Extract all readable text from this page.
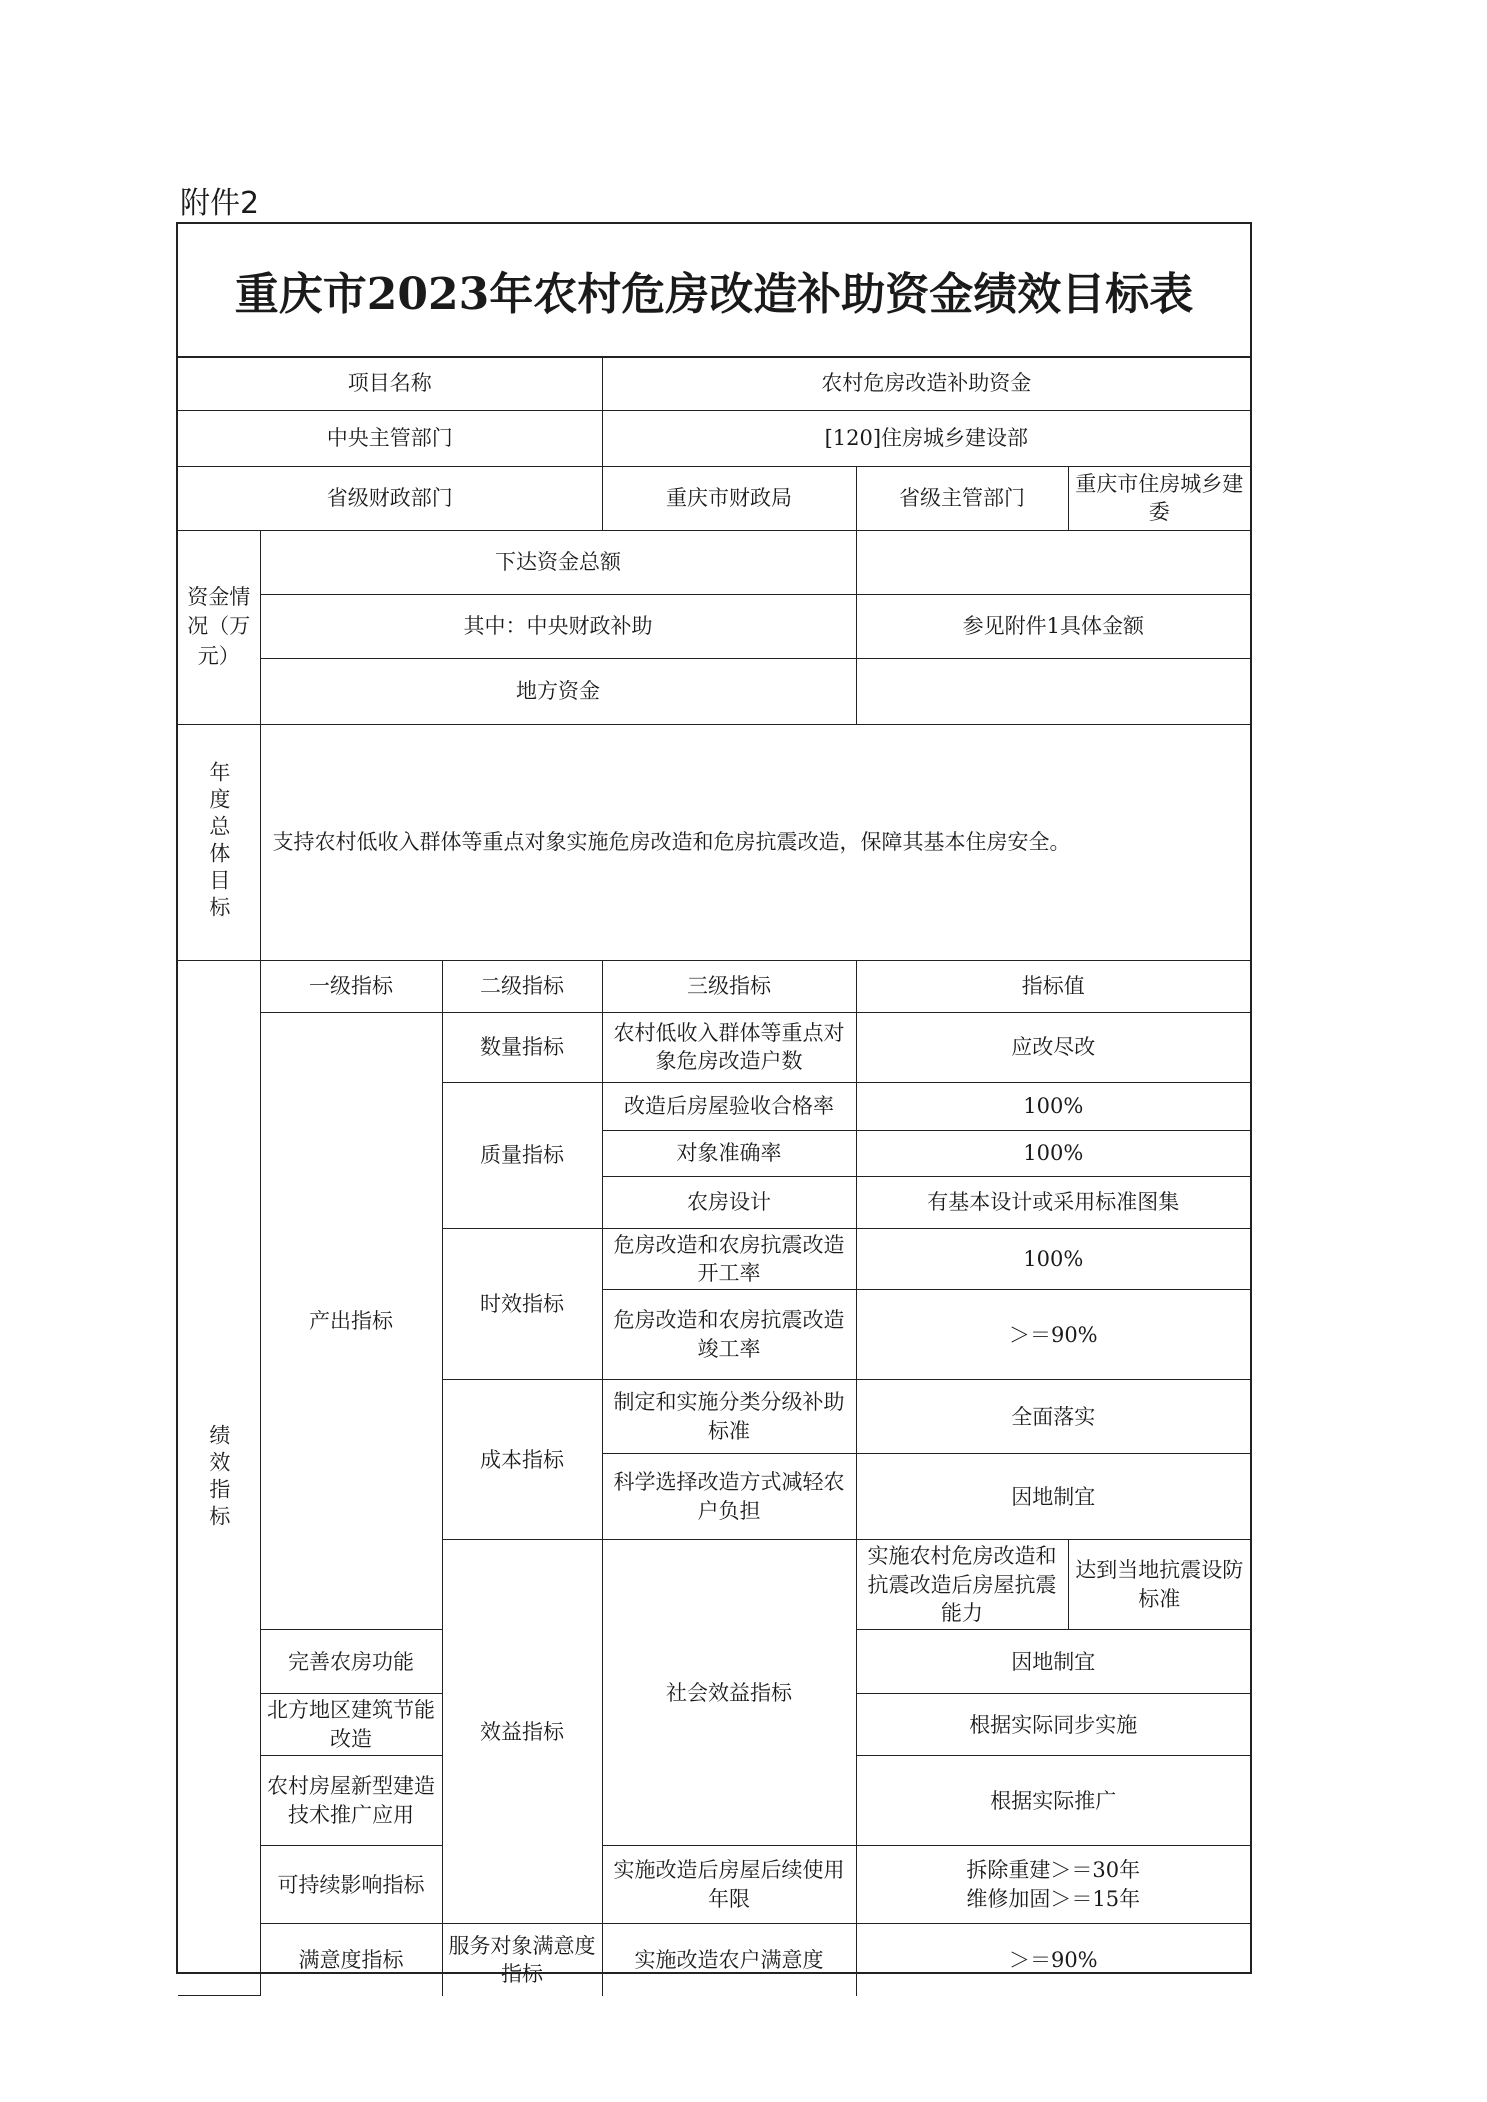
附件2
重庆市2023年农村危房改造补助资金绩效目标表
项目名称			农村危房改造补助资金		
中央主管部门			[120]住房城乡建设部		
省级财政部门			重庆市财政局	省级主管部门	重庆市住房城乡建委
资金情况（万元）	下达资金总额				
	其中：中央财政补助			参见附件1具体金额	
	地方资金				

年度总体目标	支持农村低收入群体等重点对象实施危房改造和危房抗震改造，保障其基本住房安全。				

绩效指标	一级指标	二级指标	三级指标	指标值	
	产出指标	数量指标	农村低收入群体等重点对象危房改造户数	应改尽改	
		质量指标	改造后房屋验收合格率	100%	
			对象准确率	100%	
			农房设计	有基本设计或采用标准图集	
		时效指标	危房改造和农房抗震改造开工率	100%	
			危房改造和农房抗震改造竣工率	＞＝90%	
		成本指标	制定和实施分类分级补助标准	全面落实	
			科学选择改造方式减轻农户负担	因地制宜	
		效益指标	社会效益指标	实施农村危房改造和抗震改造后房屋抗震能力	达到当地抗震设防标准
	完善农房功能			因地制宜	
	北方地区建筑节能改造			根据实际同步实施	
	农村房屋新型建造技术推广应用			根据实际推广	
	可持续影响指标		实施改造后房屋后续使用年限	拆除重建＞＝30年
维修加固＞＝15年	

	满意度指标	服务对象满意度指标	实施改造农户满意度	＞＝90%	
